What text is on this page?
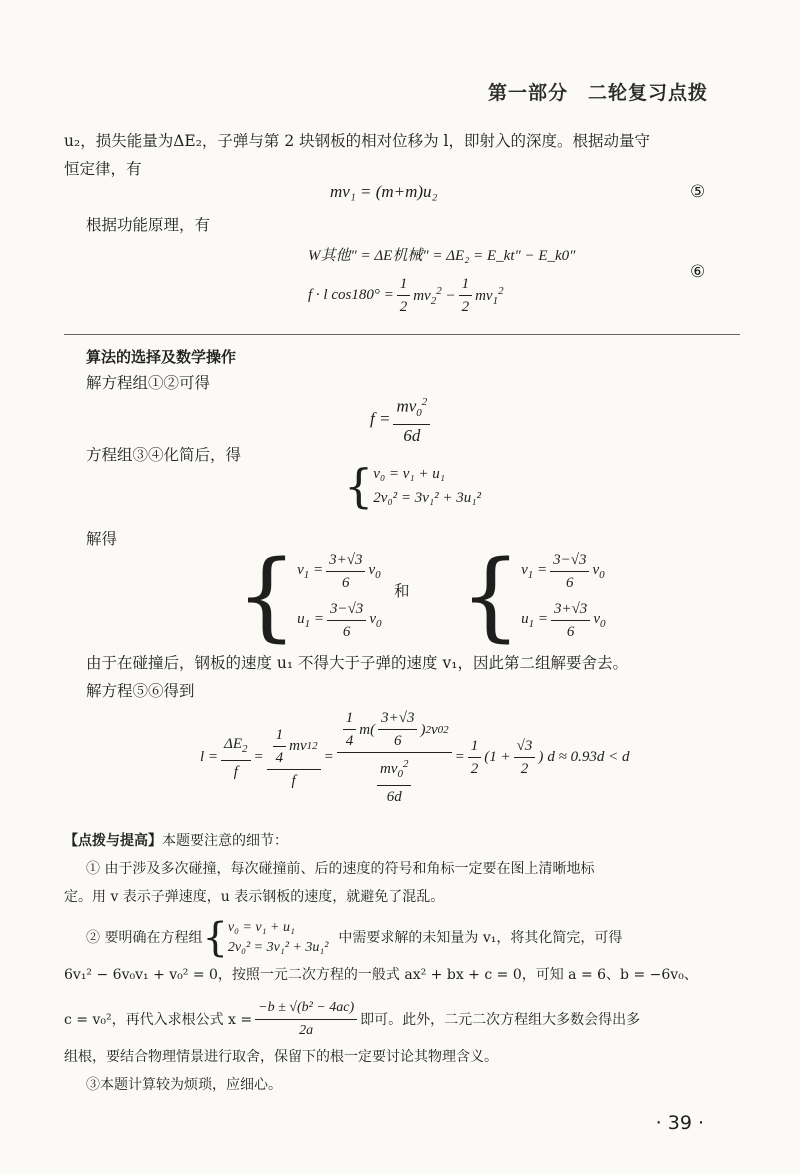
第一部分　二轮复习点拨
u₂，损失能量为ΔE₂，子弹与第 2 块钢板的相对位移为 l，即射入的深度。根据动量守
恒定律，有
mv₁ = (m+m)u₂	⑤
根据功能原理，有
W其他″ = ΔE机械″ = ΔE₂ = E_kt″ − E_k0″
f · l $\cos 180^\circ = \frac{1}{2} mv_2^2 - \frac{1}{2} mv_1^2$
⑥
算法的选择及数学操作
解方程组①②可得
$f = \frac{mv_0^2}{6d}$
方程组③④化简后，得
{ v₀ = v₁ + u₁
2v₀² = 3v₁² + 3u₁²
解得
{ $v_1 = \frac{3+√3}{6} v_0$
$u_1 = \frac{3-√3}{6} v_0$
和 { $v_1 = \frac{3-√3}{6} v_0$
$u_1 = \frac{3+√3}{6} v_0$
由于在碰撞后，钢板的速度 u₁ 不得大于子弹的速度 v₁，因此第二组解要舍去。
解方程⑤⑥得到
$l = \frac{\Delta E_2}{f} = \frac{\frac{1}{4} mv 1 2}{f} = \frac{\frac{1}{4} m( \frac{3+√3}{6} ) 2 v 0 2}{\frac{mv_0^2}{6d}} = \frac{1}{2} (1 + \frac{√3}{2}$ ) d ≈ 0.93d < d
【点拨与提高】本题要注意的细节：
① 由于涉及多次碰撞，每次碰撞前、后的速度的符号和角标一定要在图上清晰地标
定。用 v 表示子弹速度，u 表示钢板的速度，就避免了混乱。
② 要明确在方程组 { v₀ = v₁ + u₁
2v₀² = 3v₁² + 3u₁²
中需要求解的未知量为 v₁，将其化简完，可得
6v₁² − 6v₀v₁ + v₀² = 0，按照一元二次方程的一般式 ax² + bx + c = 0，可知 a = 6、b = −6v₀、
c = v₀²，再代入求根公式 $x = \frac{\text{−b ± √(b² − 4ac)}}{2a}$ 即可。此外，二元二次方程组大多数会得出多
组根，要结合物理情景进行取舍，保留下的根一定要讨论其物理含义。
③本题计算较为烦琐，应细心。
· 39 ·
